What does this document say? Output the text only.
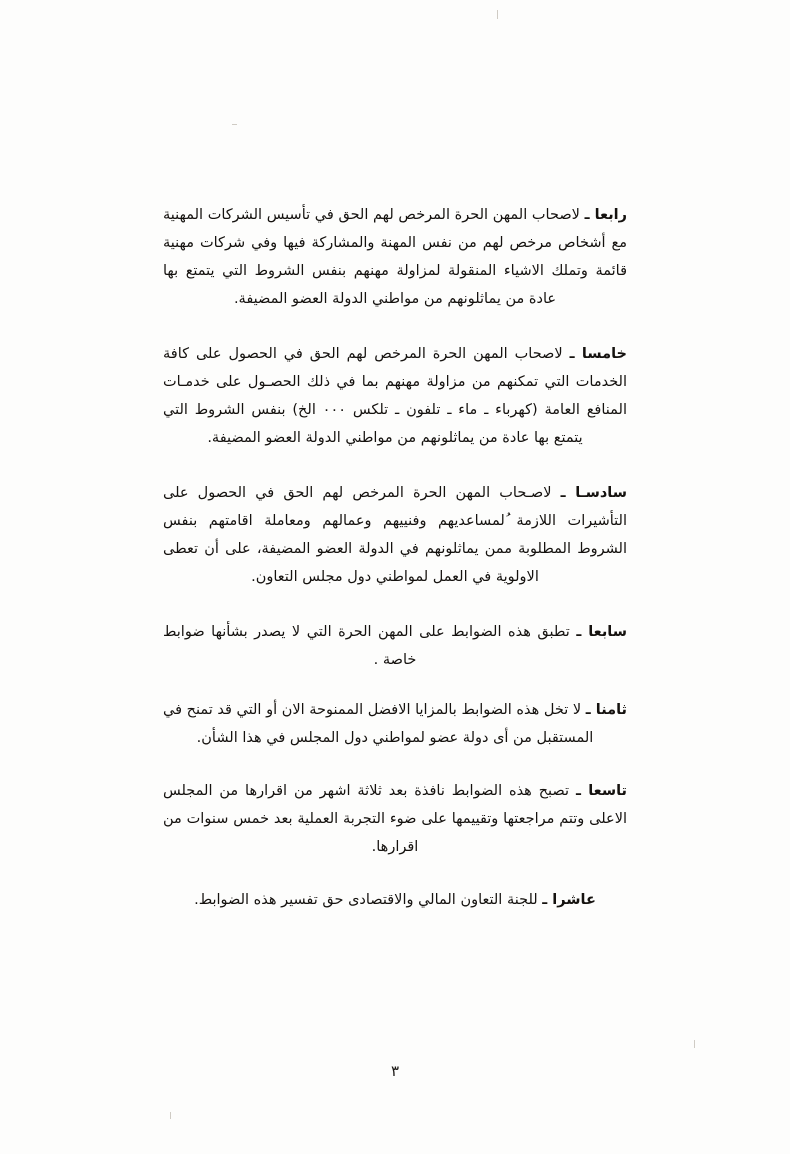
رابعا ـ لاصحاب المهن الحرة المرخص لهم الحق في تأسيس الشركات المهنية مع أشخاص مرخص لهم من نفس المهنة والمشاركة فيها وفي شركات مهنية قائمة وتملك الاشياء المنقولة لمزاولة مهنهم بنفس الشروط التي يتمتع بها عادة من يماثلونهم من مواطني الدولة العضو المضيفة.

خامسا ـ لاصحاب المهن الحرة المرخص لهم الحق في الحصول على كافة الخدمات التي تمكنهم من مزاولة مهنهم بما في ذلك الحصـول على خدمـات المنافع العامة (كهرباء ـ ماء ـ تلفون ـ تلكس ٠٠٠ الخ) بنفس الشروط التي يتمتع بها عادة من يماثلونهم من مواطني الدولة العضو المضيفة.

سادسـا ـ لاصـحاب المهن الحرة المرخص لهم الحق في الحصول على التأشيرات اللازمة ُلمساعديهم وفنييهم وعمالهم ومعاملة اقامتهم بنفس الشروط المطلوبة ممن يماثلونهم في الدولة العضو المضيفة، على أن تعطى الاولوية في العمل لمواطني دول مجلس التعاون.

سابعا ـ تطبق هذه الضوابط على المهن الحرة التي لا يصدر بشأنها ضوابط خاصة .

ثامنا ـ لا تخل هذه الضوابط بالمزايا الافضل الممنوحة الان أو التي قد تمنح في المستقبل من أى دولة عضو لمواطني دول المجلس في هذا الشأن.

تاسعا ـ تصبح هذه الضوابط نافذة بعد ثلاثة اشهر من اقرارها من المجلس الاعلى وتتم مراجعتها وتقييمها على ضوء التجربة العملية بعد خمس سنوات من اقرارها.

عاشرا ـ للجنة التعاون المالي والاقتصادى حق تفسير هذه الضوابط.

٣
